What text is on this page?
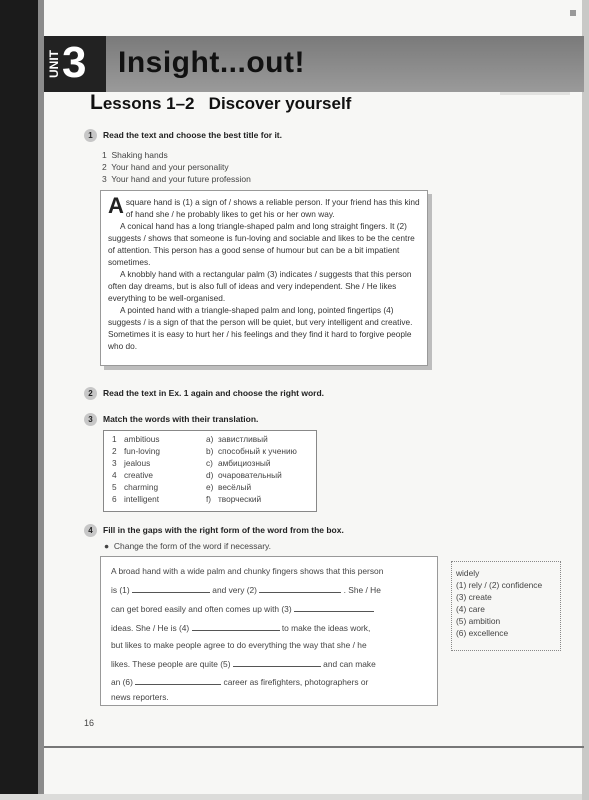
UNIT 3 Insight...out!
Lessons 1–2   Discover yourself
1 Read the text and choose the best title for it.
1  Shaking hands
2  Your hand and your personality
3  Your hand and your future profession

Asquare hand is (1) a sign of / shows a reliable person. If your friend has this kind of hand she / he probably likes to get his or her own way.

A conical hand has a long triangle-shaped palm and long straight fingers. It (2) suggests / shows that someone is fun-loving and sociable and likes to be the centre of attention. This person has a good sense of humour but can be a bit impatient sometimes.

A knobbly hand with a rectangular palm (3) indicates / suggests that this person often day dreams, but is also full of ideas and very independent. She / He likes everything to be well-organised.

A pointed hand with a triangle-shaped palm and long, pointed fingertips (4) suggests / is a sign of that the person will be quiet, but very intelligent and creative. Sometimes it is easy to hurt her / his feelings and they find it hard to forgive people who do.

2 Read the text in Ex. 1 again and choose the right word.
3 Match the words with their translation.
1 ambitious	a) завистливый
2 fun-loving	b) способный к учению
3 jealous	c) амбициозный
4 creative	d) очаровательный
5 charming	e) весёлый
6 intelligent	f) творческий
4 Fill in the gaps with the right form of the word from the box.
●  Change the form of the word if necessary.
A broad hand with a wide palm and chunky fingers shows that this person
is (1)	and very (2)	. She / He
can get bored easily and often comes up with (3)
ideas. She / He is (4)	to make the ideas work,
but likes to make people agree to do everything the way that she / he
likes. These people are quite (5)	and can make
an (6)	career as firefighters, photographers or
news reporters.
widely
(1) rely / (2) confidence
(3) create
(4) care
(5) ambition
(6) excellence
16
